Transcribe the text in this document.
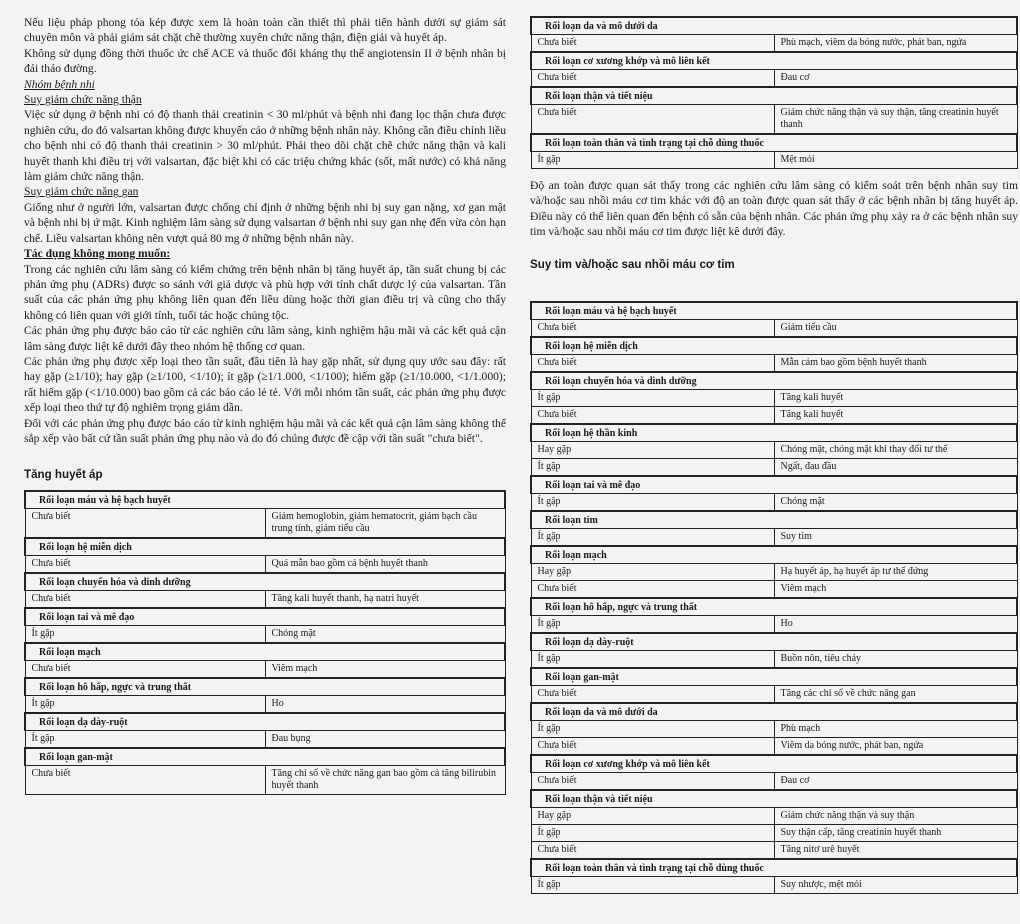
Nếu liệu pháp phong tỏa kép được xem là hoàn toàn cần thiết thì phải tiến hành dưới sự giám sát chuyên môn và phải giám sát chặt chẽ thường xuyên chức năng thận, điện giải và huyết áp.

Không sử dụng đồng thời thuốc ức chế ACE và thuốc đối kháng thụ thể angiotensin II ở bệnh nhân bị đái tháo đường.

Nhóm bệnh nhi

Suy giảm chức năng thận

Việc sử dụng ở bệnh nhi có độ thanh thải creatinin < 30 ml/phút và bệnh nhi đang lọc thận chưa được nghiên cứu, do đó valsartan không được khuyến cáo ở những bệnh nhân này. Không cần điều chỉnh liều cho bệnh nhi có độ thanh thải creatinin > 30 ml/phút. Phải theo dõi chặt chẽ chức năng thận và kali huyết thanh khi điều trị với valsartan, đặc biệt khi có các triệu chứng khác (sốt, mất nước) có khả năng làm giảm chức năng thận.

Suy giảm chức năng gan

Giống như ở người lớn, valsartan được chống chỉ định ở những bệnh nhi bị suy gan nặng, xơ gan mật và bệnh nhi bị ứ mật. Kinh nghiệm lâm sàng sử dụng valsartan ở bệnh nhi suy gan nhẹ đến vừa còn hạn chế. Liều valsartan không nên vượt quá 80 mg ở những bệnh nhân này.

Tác dụng không mong muốn:

Trong các nghiên cứu lâm sàng có kiểm chứng trên bệnh nhân bị tăng huyết áp, tần suất chung bị các phản ứng phụ (ADRs) được so sánh với giả dược và phù hợp với tính chất dược lý của valsartan. Tần suất của các phản ứng phụ không liên quan đến liều dùng hoặc thời gian điều trị và cũng cho thấy không có liên quan với giới tính, tuổi tác hoặc chủng tộc.

Các phản ứng phụ được báo cáo từ các nghiên cứu lâm sàng, kinh nghiệm hậu mãi và các kết quả cận lâm sàng được liệt kê dưới đây theo nhóm hệ thống cơ quan.

Các phản ứng phụ được xếp loại theo tần suất, đầu tiên là hay gặp nhất, sử dụng quy ước sau đây: rất hay gặp (≥1/10); hay gặp (≥1/100, <1/10); ít gặp (≥1/1.000, <1/100); hiếm gặp (≥1/10.000, <1/1.000); rất hiếm gặp (<1/10.000) bao gồm cả các báo cáo lẻ tẻ. Với mỗi nhóm tần suất, các phản ứng phụ được xếp loại theo thứ tự độ nghiêm trọng giảm dần.

Đối với các phản ứng phụ được báo cáo từ kinh nghiệm hậu mãi và các kết quả cận lâm sàng không thể sắp xếp vào bất cứ tần suất phản ứng phụ nào và do đó chúng được đề cập với tần suất "chưa biết".

Tăng huyết áp

Rối loạn máu và hệ bạch huyết	
Chưa biết	Giảm hemoglobin, giảm hematocrit, giảm bạch cầu trung tính, giảm tiểu cầu
Rối loạn hệ miễn dịch	
Chưa biết	Quá mẫn bao gồm cả bệnh huyết thanh
Rối loạn chuyển hóa và dinh dưỡng	
Chưa biết	Tăng kali huyết thanh, hạ natri huyết
Rối loạn tai và mê đạo	
Ít gặp	Chóng mặt
Rối loạn mạch	
Chưa biết	Viêm mạch
Rối loạn hô hấp, ngực và trung thất	
Ít gặp	Ho
Rối loạn dạ dày-ruột	
Ít gặp	Đau bụng
Rối loạn gan-mật	
Chưa biết	Tăng chỉ số về chức năng gan bao gồm cả tăng bilirubin huyết thanh
Rối loạn da và mô dưới da	
Chưa biết	Phù mạch, viêm da bóng nước, phát ban, ngứa
Rối loạn cơ xương khớp và mô liên kết	
Chưa biết	Đau cơ
Rối loạn thận và tiết niệu	
Chưa biết	Giảm chức năng thận và suy thận, tăng creatinin huyết thanh
Rối loạn toàn thân và tình trạng tại chỗ dùng thuốc	
Ít gặp	Mệt mỏi

Độ an toàn được quan sát thấy trong các nghiên cứu lâm sàng có kiểm soát trên bệnh nhân suy tim và/hoặc sau nhồi máu cơ tim khác với độ an toàn được quan sát thấy ở các bệnh nhân bị tăng huyết áp. Điều này có thể liên quan đến bệnh có sẵn của bệnh nhân. Các phản ứng phụ xảy ra ở các bệnh nhân suy tim và/hoặc sau nhồi máu cơ tim được liệt kê dưới đây.

Suy tim và/hoặc sau nhồi máu cơ tim

Rối loạn máu và hệ bạch huyết	
Chưa biết	Giảm tiểu cầu
Rối loạn hệ miễn dịch	
Chưa biết	Mẫn cảm bao gồm bệnh huyết thanh
Rối loạn chuyển hóa và dinh dưỡng	
Ít gặp	Tăng kali huyết
Chưa biết	Tăng kali huyết
Rối loạn hệ thần kinh	
Hay gặp	Chóng mặt, chóng mặt khi thay đổi tư thế
Ít gặp	Ngất, đau đầu
Rối loạn tai và mê đạo	
Ít gặp	Chóng mặt
Rối loạn tim	
Ít gặp	Suy tim
Rối loạn mạch	
Hay gặp	Hạ huyết áp, hạ huyết áp tư thế đứng
Chưa biết	Viêm mạch
Rối loạn hô hấp, ngực và trung thất	
Ít gặp	Ho
Rối loạn dạ dày-ruột	
Ít gặp	Buồn nôn, tiêu chảy
Rối loạn gan-mật	
Chưa biết	Tăng các chỉ số về chức năng gan
Rối loạn da và mô dưới da	
Ít gặp	Phù mạch
Chưa biết	Viêm da bóng nước, phát ban, ngứa
Rối loạn cơ xương khớp và mô liên kết	
Chưa biết	Đau cơ
Rối loạn thận và tiết niệu	
Hay gặp	Giảm chức năng thận và suy thận
Ít gặp	Suy thận cấp, tăng creatinin huyết thanh
Chưa biết	Tăng nitơ urê huyết
Rối loạn toàn thân và tình trạng tại chỗ dùng thuốc	
Ít gặp	Suy nhược, mệt mỏi
